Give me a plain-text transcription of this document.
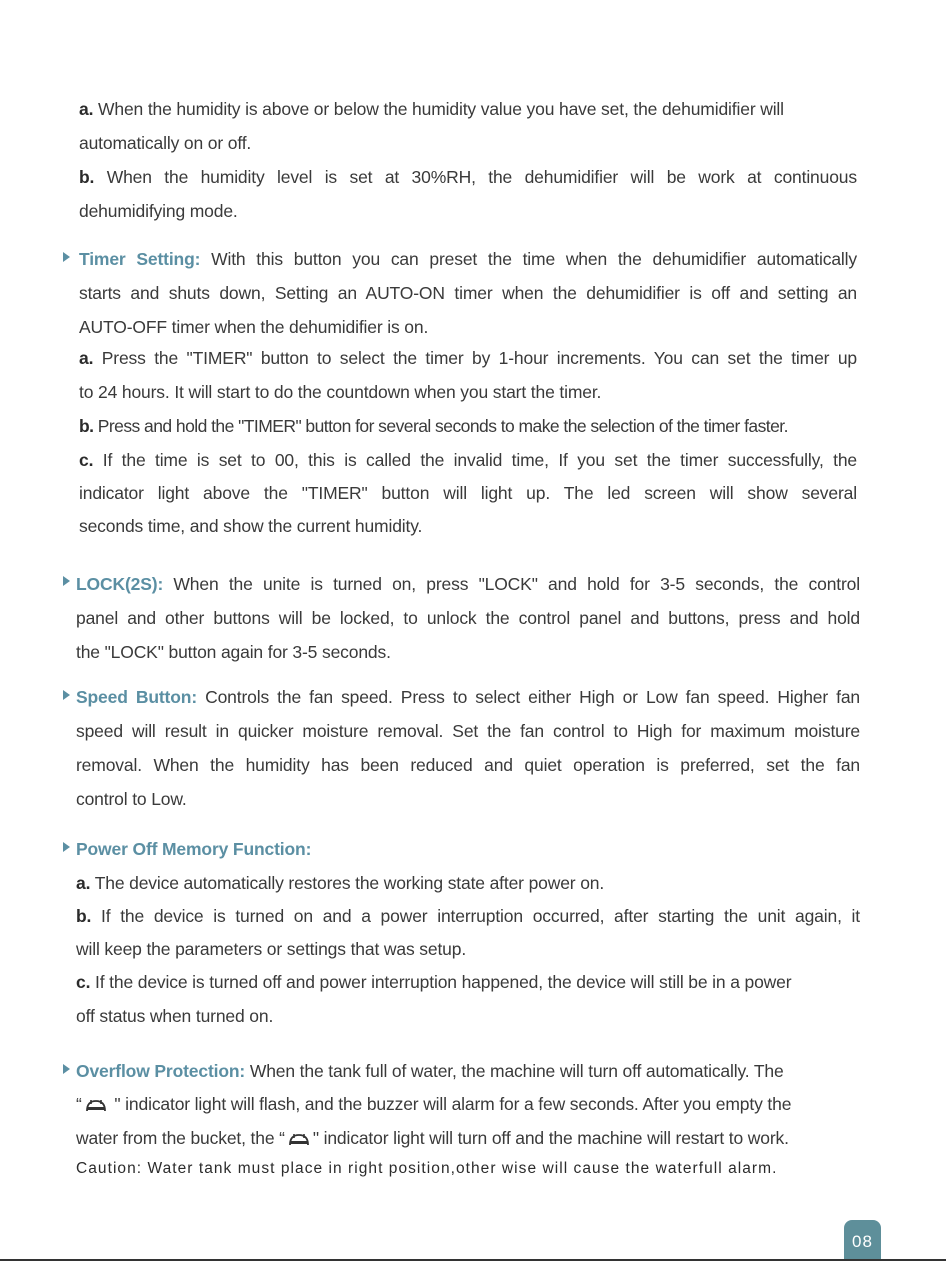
a. When the humidity is above or below the humidity value you have set, the dehumidifier will
automatically on or off.
b. When the humidity level is set at 30%RH, the dehumidifier will be work at continuous
dehumidifying mode.
Timer Setting: With this button you can preset the time when the dehumidifier automatically
starts and shuts down, Setting an AUTO-ON timer when the dehumidifier is off and setting an
AUTO-OFF timer when the dehumidifier is on.
a. Press the "TIMER" button to select the timer by 1-hour increments. You can set the timer up
to 24 hours. It will start to do the countdown when you start the timer.
b. Press and hold the "TIMER" button for several seconds to make the selection of the timer faster.
c. If the time is set to 00, this is called the invalid time, If you set the timer successfully, the
indicator light above the "TIMER" button will light up. The led screen will show several
seconds time, and show the current humidity.
LOCK(2S): When the unite is turned on, press "LOCK" and hold for 3-5 seconds, the control
panel and other buttons will be locked, to unlock the control panel and buttons, press and hold
the "LOCK" button again for 3-5 seconds.
Speed Button: Controls the fan speed. Press to select either High or Low fan speed. Higher fan
speed will result in quicker moisture removal. Set the fan control to High for maximum moisture
removal. When the humidity has been reduced and quiet operation is preferred, set the fan
control to Low.
Power Off Memory Function:
a. The device automatically restores the working state after power on.
b. If the device is turned on and a power interruption occurred, after starting the unit again, it
will keep the parameters or settings that was setup.
c. If the device is turned off and power interruption happened, the device will still be in a power
off status when turned on.
Overflow Protection: When the tank full of water, the machine will turn off automatically. The
“ " indicator light will flash, and the buzzer will alarm for a few seconds. After you empty the
water from the bucket, the “ " indicator light will turn off and the machine will restart to work.
Caution: Water tank must place in right position,other wise will cause the waterfull alarm.
08
